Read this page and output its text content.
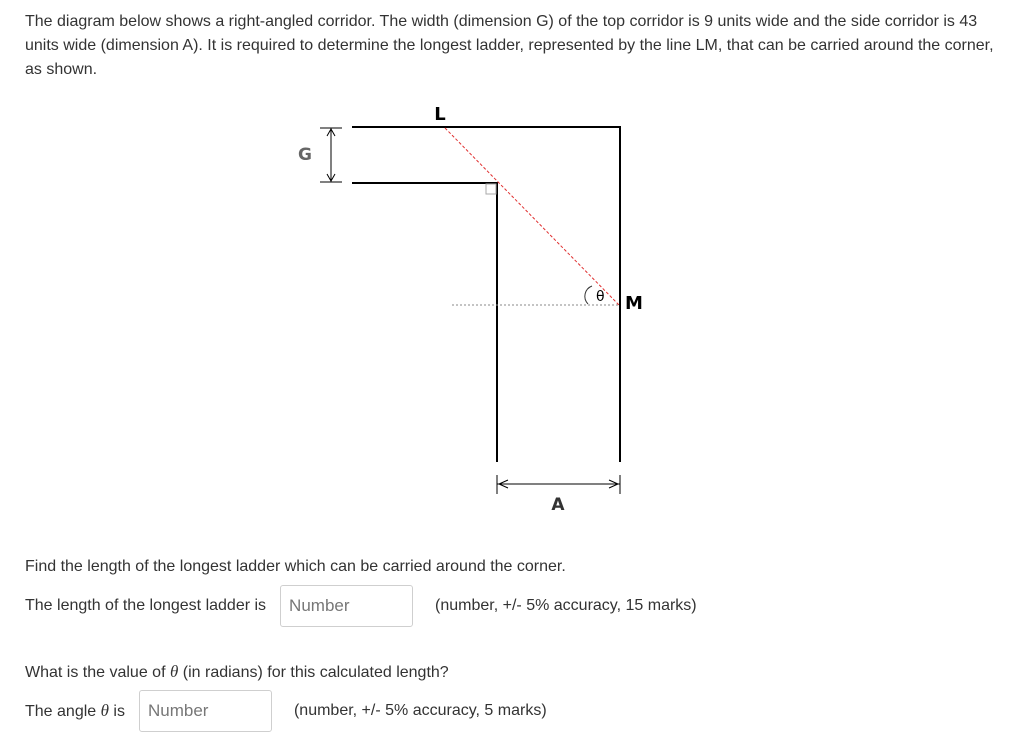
The diagram below shows a right-angled corridor. The width (dimension G) of the top corridor is 9 units wide and the side corridor is 43 units wide (dimension A). It is required to determine the longest ladder, represented by the line LM, that can be carried around the corner, as shown.

L
M
G
A
θ

Find the length of the longest ladder which can be carried around the corner.

The length of the longest ladder is
Number	(number, +/- 5% accuracy, 15 marks)

What is the value of θ (in radians) for this calculated length?

The angle θ is
Number	(number, +/- 5% accuracy, 5 marks)
